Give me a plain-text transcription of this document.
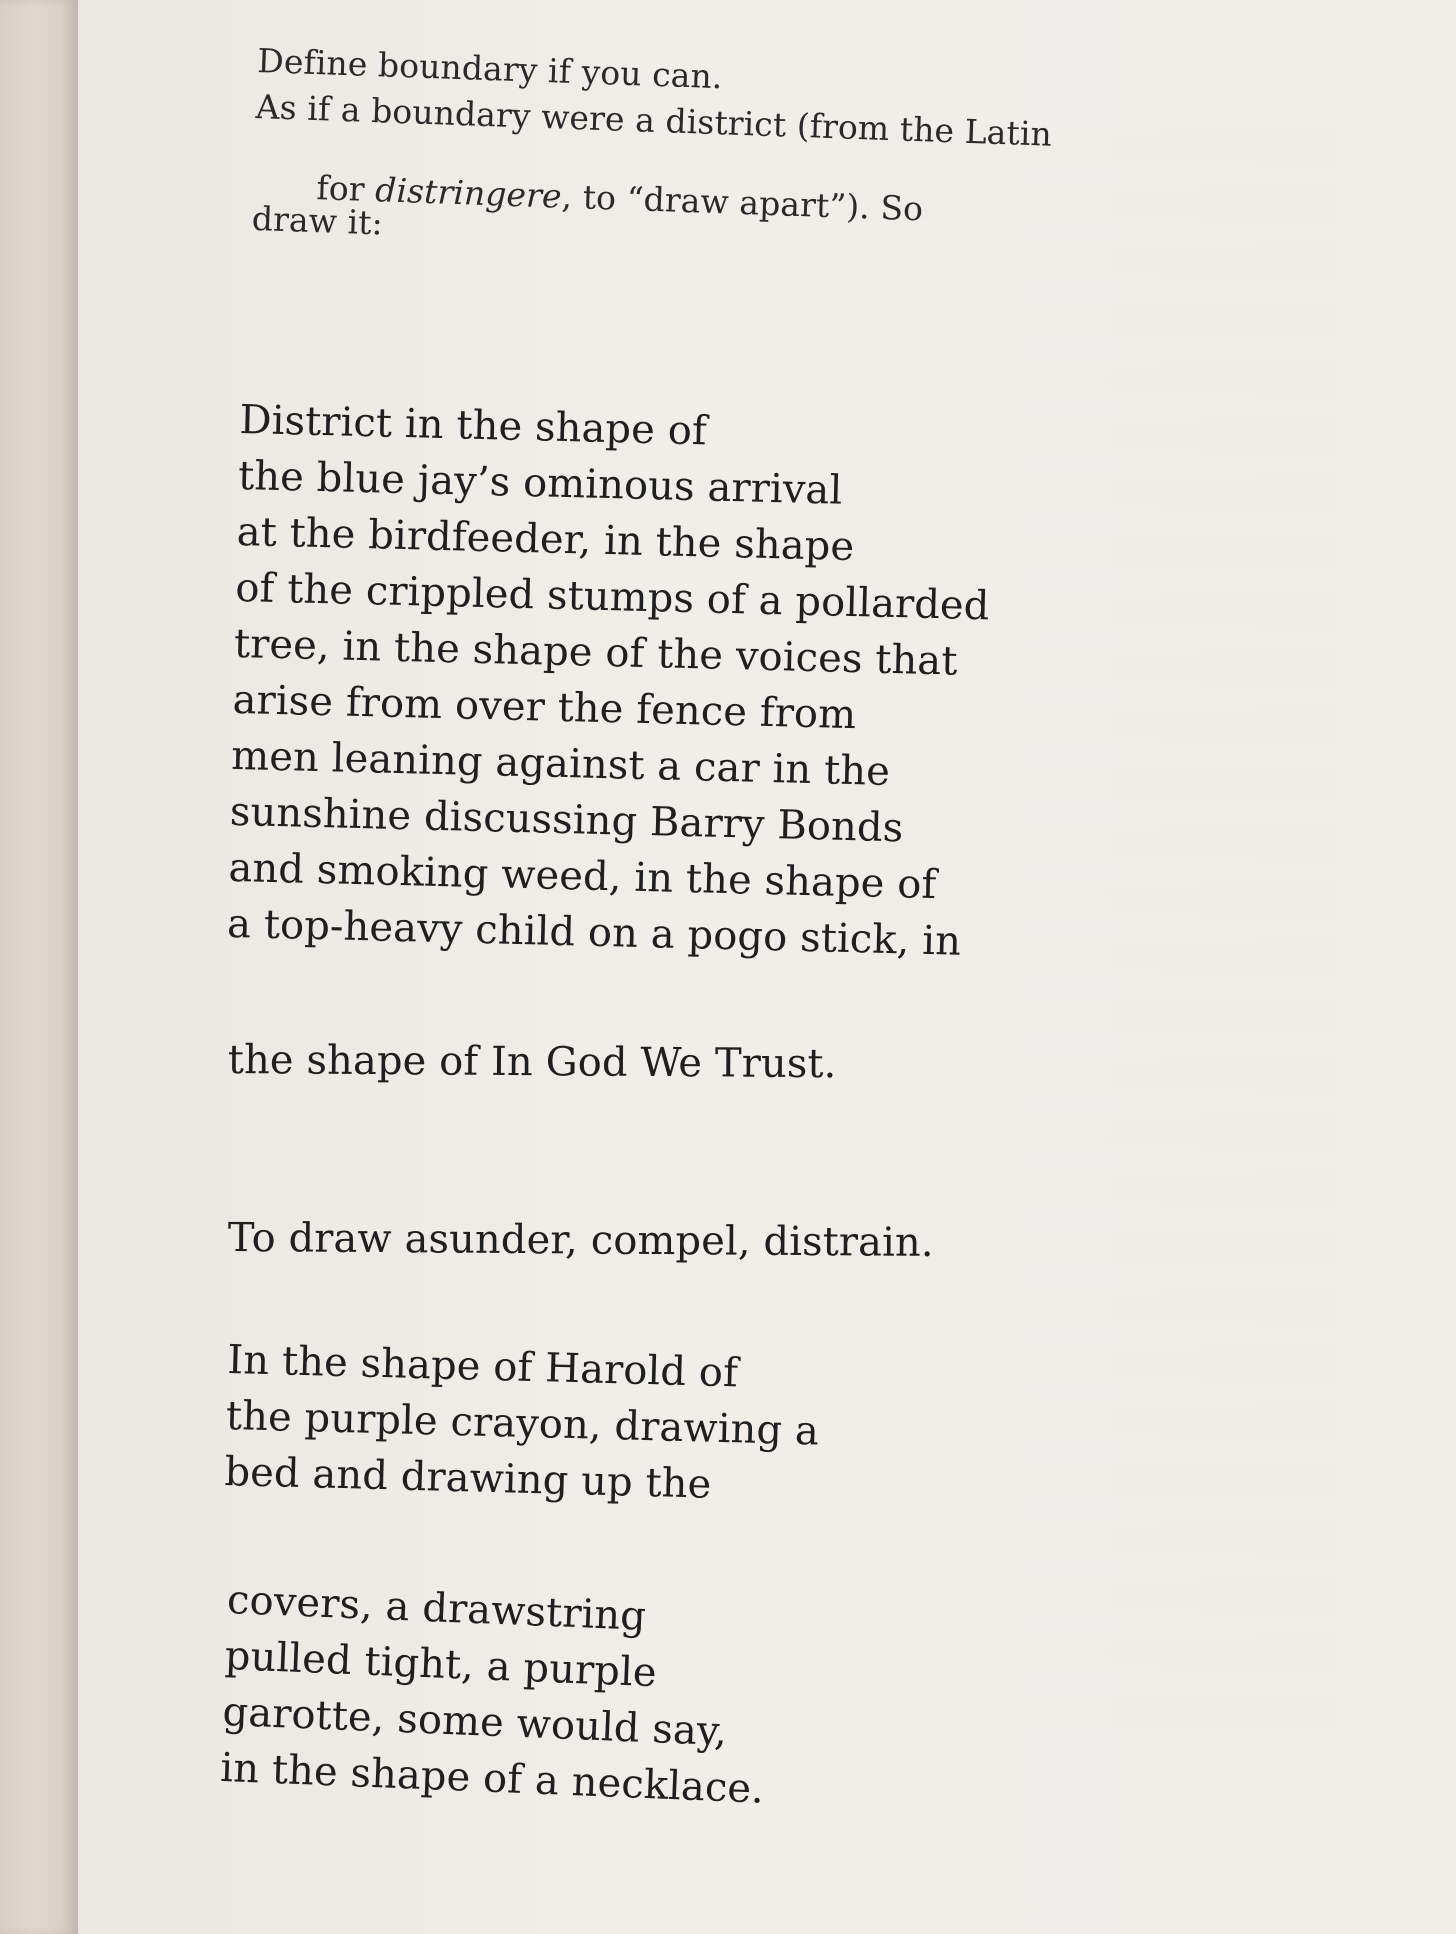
Define boundary if you can.

As if a boundary were a district (from the Latin

for distringere, to “draw apart”). So

draw it:

District in the shape of

the blue jay’s ominous arrival

at the birdfeeder, in the shape

of the crippled stumps of a pollarded

tree, in the shape of the voices that

arise from over the fence from

men leaning against a car in the

sunshine discussing Barry Bonds

and smoking weed, in the shape of

a top-heavy child on a pogo stick, in

the shape of In God We Trust.

To draw asunder, compel, distrain.

In the shape of Harold of

the purple crayon, drawing a

bed and drawing up the

covers, a drawstring

pulled tight, a purple

garotte, some would say,

in the shape of a necklace.
